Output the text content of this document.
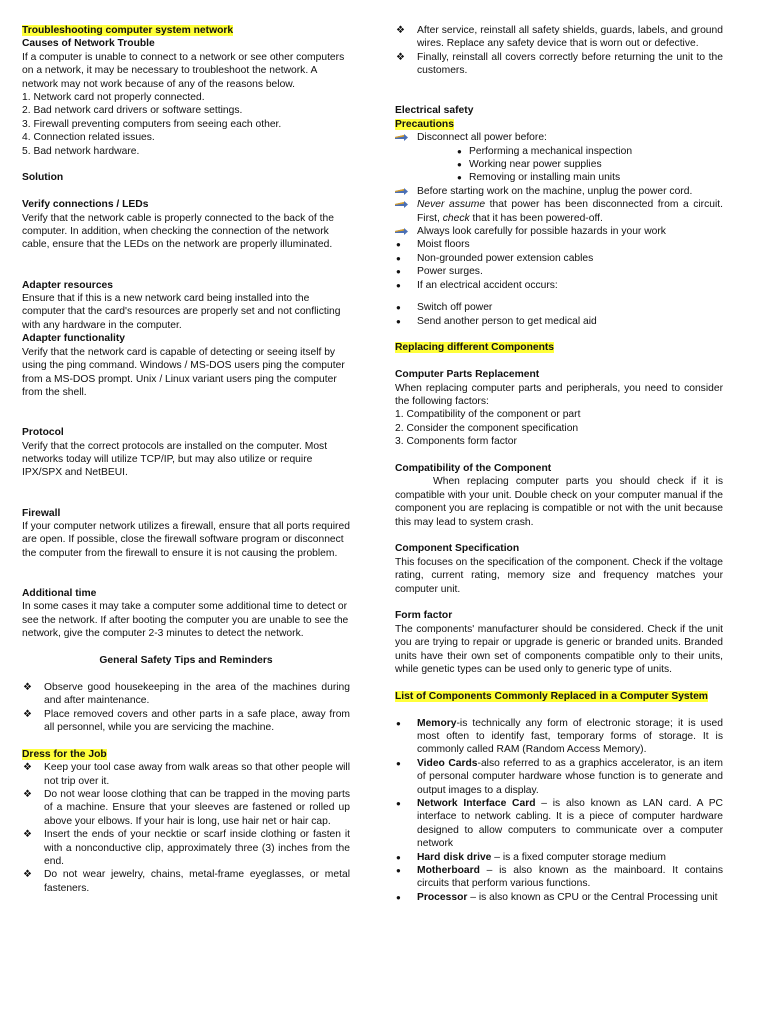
Troubleshooting computer system network

Causes of Network Trouble

If a computer is unable to connect to a network or see other computers on a network, it may be necessary to troubleshoot the network. A network may not work because of any of the reasons below.

1. Network card not properly connected.

2. Bad network card drivers or software settings.

3. Firewall preventing computers from seeing each other.

4. Connection related issues.

5. Bad network hardware.

Solution

Verify connections / LEDs

Verify that the network cable is properly connected to the back of the computer. In addition, when checking the connection of the network cable, ensure that the LEDs on the network are properly illuminated.

Adapter resources

Ensure that if this is a new network card being installed into the computer that the card's resources are properly set and not conflicting with any hardware in the computer.

Adapter functionality

Verify that the network card is capable of detecting or seeing itself by using the ping command. Windows / MS-DOS users ping the computer from a MS-DOS prompt. Unix / Linux variant users ping the computer from the shell.

Protocol

Verify that the correct protocols are installed on the computer. Most networks today will utilize TCP/IP, but may also utilize or require IPX/SPX and NetBEUI.

Firewall

If your computer network utilizes a firewall, ensure that all ports required are open. If possible, close the firewall software program or disconnect the computer from the firewall to ensure it is not causing the problem.

Additional time

In some cases it may take a computer some additional time to detect or see the network. If after booting the computer you are unable to see the network, give the computer 2-3 minutes to detect the network.

General Safety Tips and Reminders

❖ Observe good housekeeping in the area of the machines during and after maintenance.
❖ Place removed covers and other parts in a safe place, away from all personnel, while you are servicing the machine.

Dress for the Job

❖ Keep your tool case away from walk areas so that other people will not trip over it.
❖ Do not wear loose clothing that can be trapped in the moving parts of a machine. Ensure that your sleeves are fastened or rolled up above your elbows. If your hair is long, use hair net or hair cap.
❖ Insert the ends of your necktie or scarf inside clothing or fasten it with a nonconductive clip, approximately three (3) inches from the end.
❖ Do not wear jewelry, chains, metal-frame eyeglasses, or metal fasteners.
❖ After service, reinstall all safety shields, guards, labels, and ground wires. Replace any safety device that is worn out or defective.
❖ Finally, reinstall all covers correctly before returning the unit to the customers.

Electrical safety

Precautions

Disconnect all power before:
● Performing a mechanical inspection
● Working near power supplies
● Removing or installing main units
Before starting work on the machine, unplug the power cord.
Never assume that power has been disconnected from a circuit. First, check that it has been powered-off.
Always look carefully for possible hazards in your work
● Moist floors
● Non-grounded power extension cables
● Power surges.
● If an electrical accident occurs:
● Switch off power
● Send another person to get medical aid

Replacing different Components

Computer Parts Replacement

When replacing computer parts and peripherals, you need to consider the following factors:

1. Compatibility of the component or part

2. Consider the component specification

3. Components form factor

Compatibility of the Component

When replacing computer parts you should check if it is compatible with your unit. Double check on your computer manual if the component you are replacing is compatible or not with the unit because this may lead to system crash.

Component Specification

This focuses on the specification of the component. Check if the voltage rating, current rating, memory size and frequency matches your computer unit.

Form factor

The components' manufacturer should be considered. Check if the unit you are trying to repair or upgrade is generic or branded units. Branded units have their own set of components compatible only to their units, while genetic types can be used only to generic type of units.

List of Components Commonly Replaced in a Computer System

● Memory-is technically any form of electronic storage; it is used most often to identify fast, temporary forms of storage. It is commonly called RAM (Random Access Memory).
● Video Cards-also referred to as a graphics accelerator, is an item of personal computer hardware whose function is to generate and output images to a display.
● Network Interface Card – is also known as LAN card. A PC interface to network cabling. It is a piece of computer hardware designed to allow computers to communicate over a computer network
● Hard disk drive – is a fixed computer storage medium
● Motherboard – is also known as the mainboard. It contains circuits that perform various functions.
● Processor – is also known as CPU or the Central Processing unit
